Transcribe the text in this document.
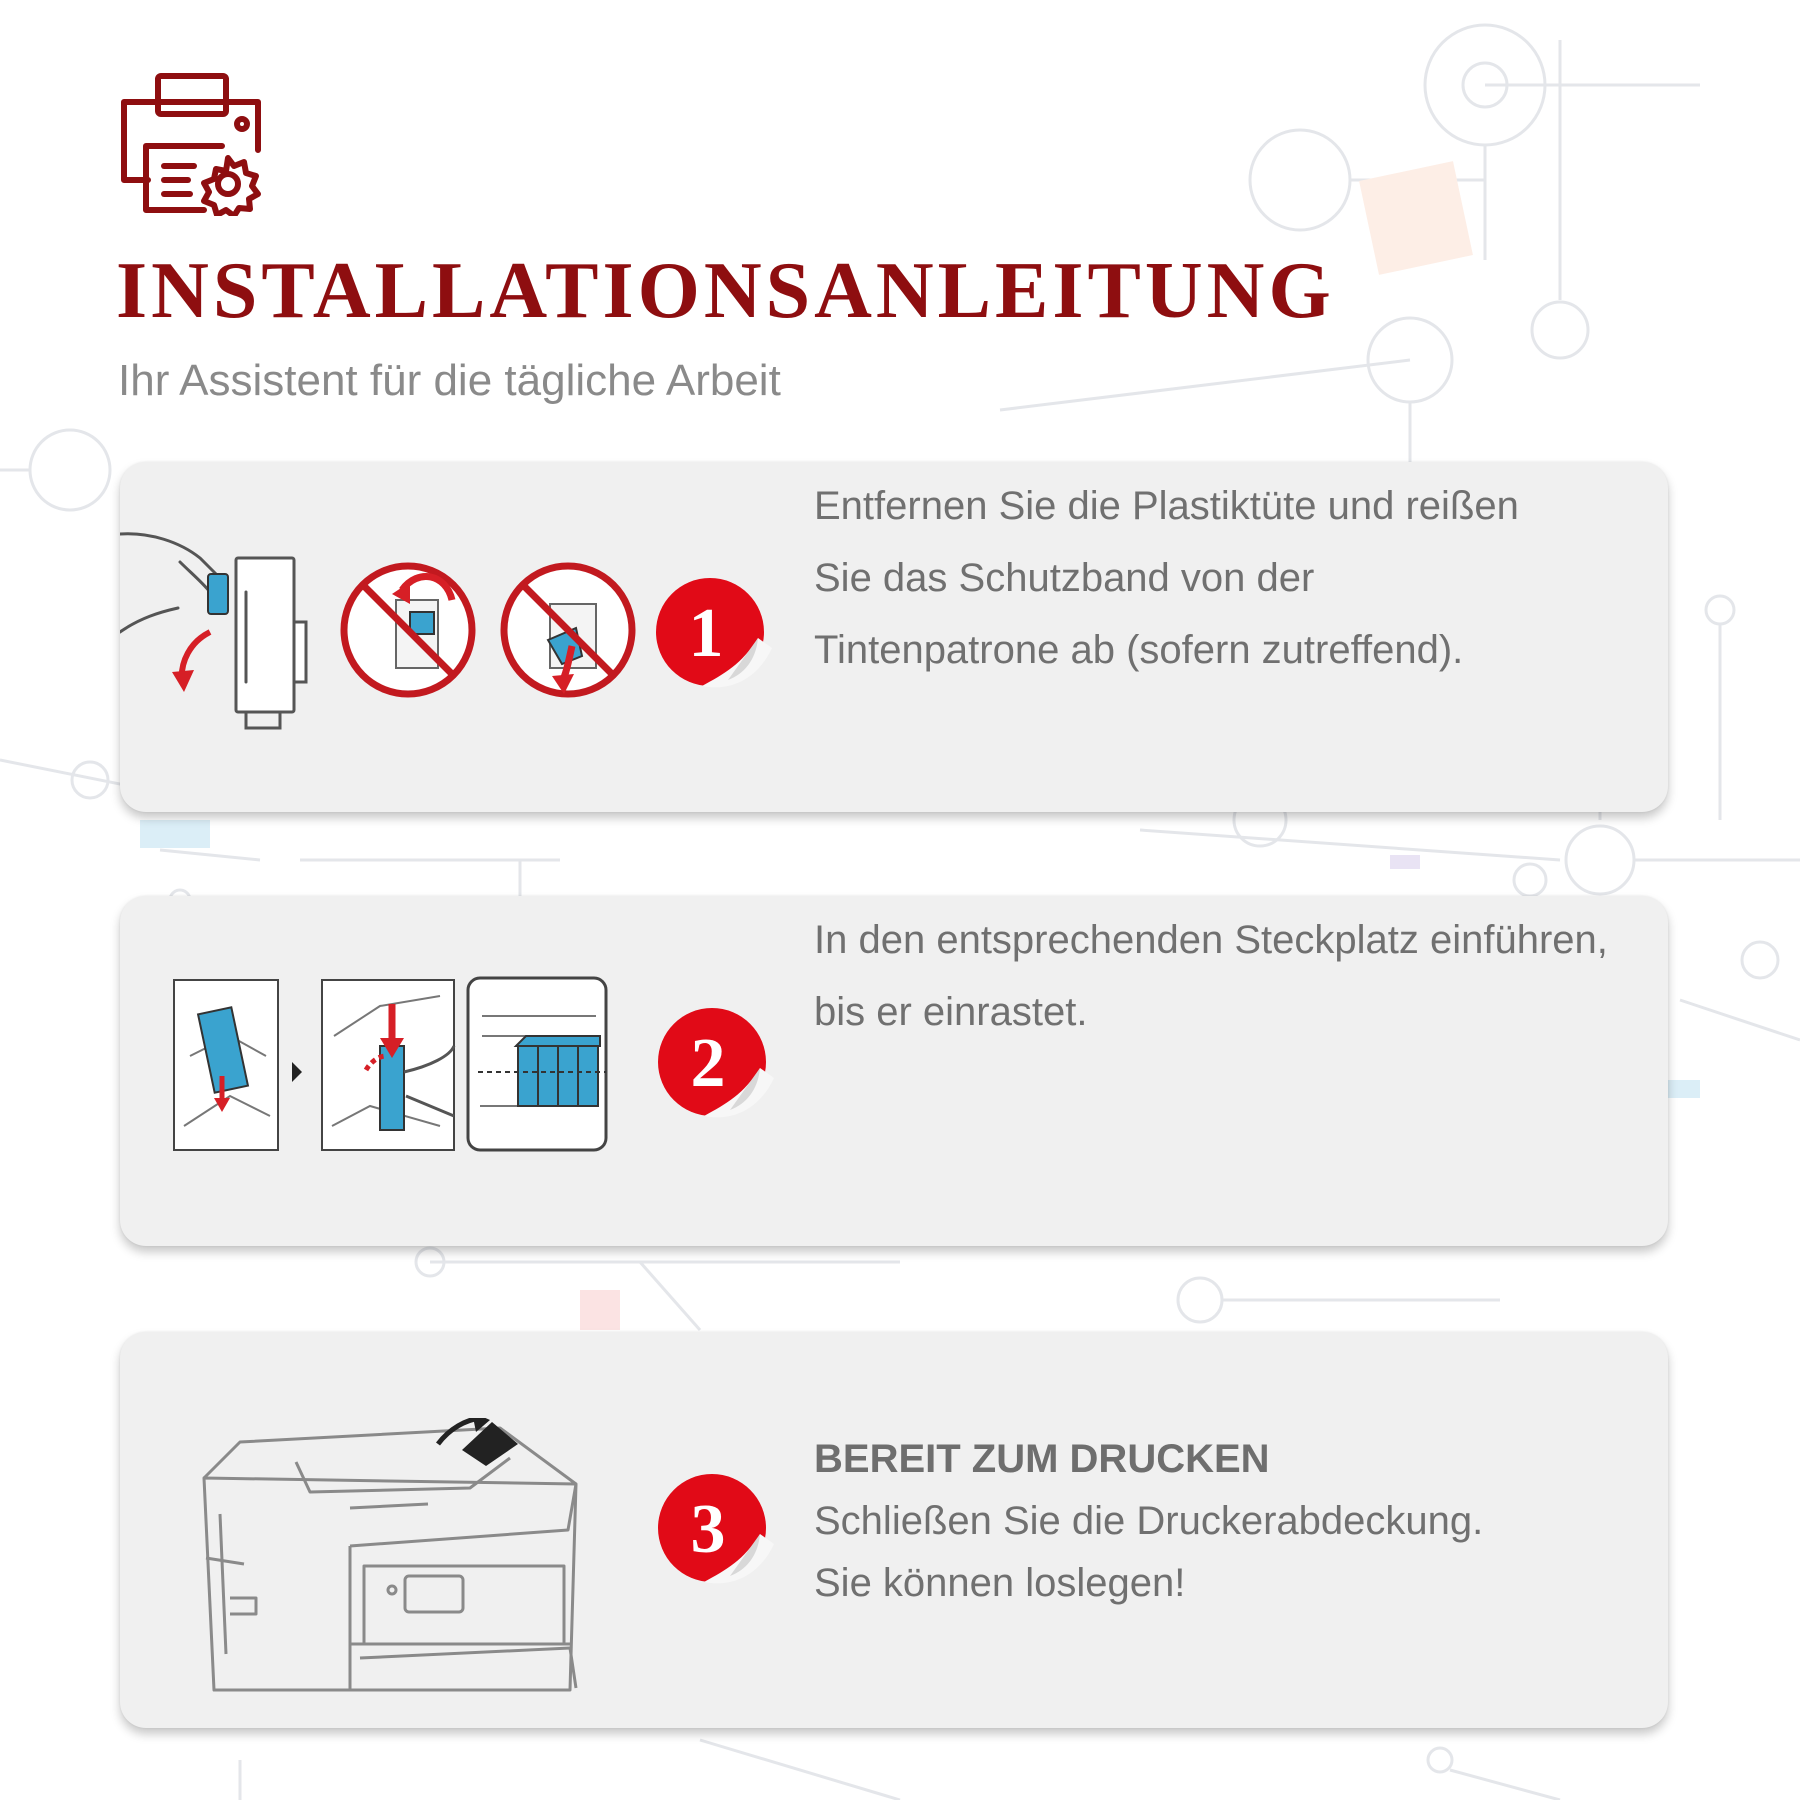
INSTALLATIONSANLEITUNG
Ihr Assistent für die tägliche Arbeit
1

Entfernen Sie die Plastiktüte und reißen

Sie das Schutzband von der

Tintenpatrone ab (sofern zutreffend).

2

In den entsprechenden Steckplatz einführen,

bis er einrastet.

3

BEREIT ZUM DRUCKEN

Schließen Sie die Druckerabdeckung.

Sie können loslegen!
